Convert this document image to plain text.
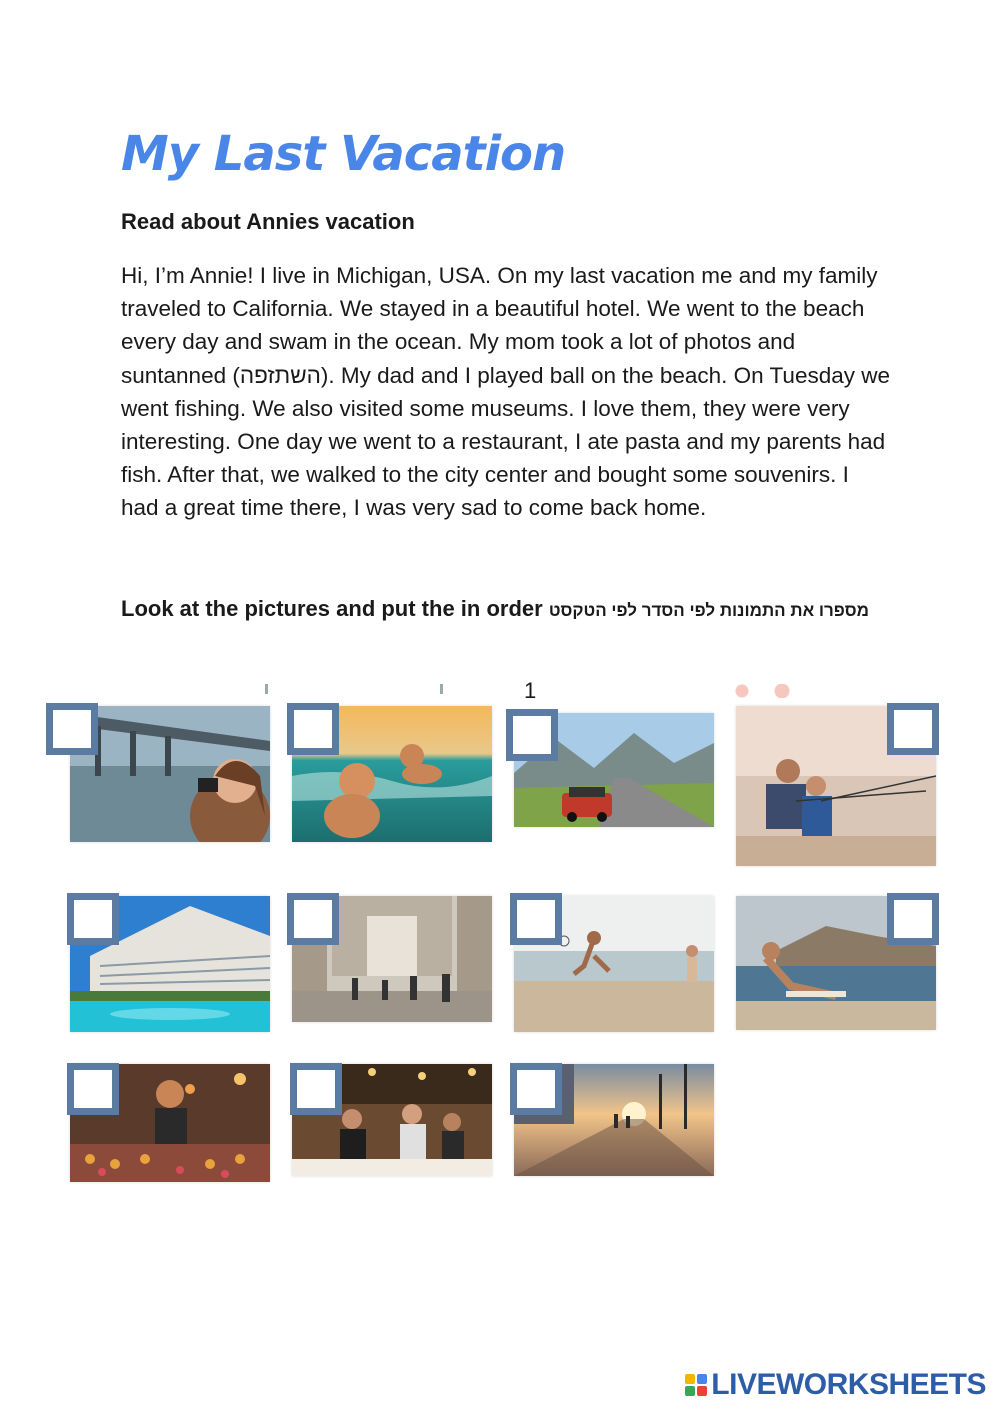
My Last Vacation

Read about Annies vacation

Hi, I’m Annie! I live in Michigan, USA. On my last vacation me and my family traveled to California. We stayed in a beautiful hotel. We went to the beach every day and swam in the ocean. My mom took a lot of photos and suntanned (השתזפה). My dad and I played ball on the beach. On Tuesday we went fishing. We also visited some museums. I love them, they were very interesting. One day we went to a restaurant, I ate pasta and my parents had fish. After that, we walked to the city center and bought some souvenirs. I had a great time there, I was very sad to come back home.

Look at the pictures and put the in order מספרו את התמונות לפי הסדר לפי הטקסט

1
LIVEWORKSHEETS
